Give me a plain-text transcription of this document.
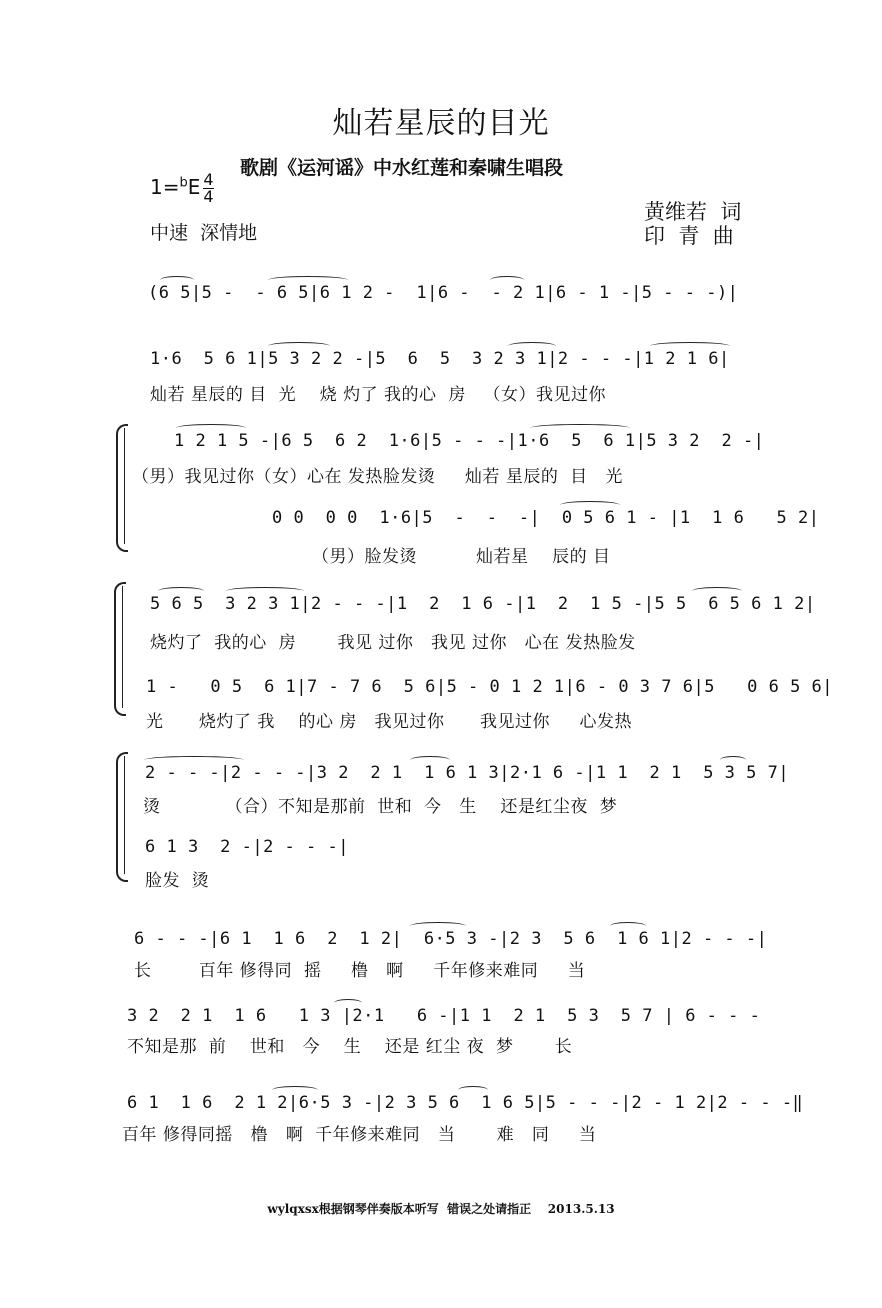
灿若星辰的目光
歌剧《运河谣》中水红莲和秦啸生唱段
$1=^bE \frac{4}{4}$
中速  深情地
黄维若  词
印  青  曲
(6 5|5 -  - 6 5|6 1 2 -  1|6 -  - 2 1|6 - 1 -|5 - - -)|
1·6  5 6 1|5 3 2 2 -|5  6  5  3 2 3 1|2 - - -|1 2 1 6|
灿若 星辰的 目  光    烧 灼了 我的心  房   （女）我见过你
1 2 1 5 -|6 5  6 2  1·6|5 - - -|1·6  5  6 1|5 3 2  2 -|
（男）我见过你（女）心在 发热脸发烫     灿若 星辰的  目   光
0 0  0 0  1·6|5  -  -  -|  0 5 6 1 - |1  1 6   5 2|
（男）脸发烫          灿若星    辰的 目
5 6 5  3 2 3 1|2 - - -|1  2  1 6 -|1  2  1 5 -|5 5  6 5 6 1 2|
烧灼了  我的心  房       我见 过你   我见 过你   心在 发热脸发
1 -   0 5  6 1|7 - 7 6  5 6|5 - 0 1 2 1|6 - 0 3 7 6|5   0 6 5 6|
光      烧灼了 我    的心 房   我见过你      我见过你     心发热
2 - - -|2 - - -|3 2  2 1  1 6 1 3|2·1 6 -|1 1  2 1  5 3 5 7|
烫           （合）不知是那前  世和  今   生    还是红尘夜  梦
6 1 3  2 -|2 - - -|
脸发  烫
6 - - -|6 1  1 6  2  1 2|  6·5 3 -|2 3  5 6  1 6 1|2 - - -|
长        百年 修得同  摇     橹   啊     千年修来难同     当
3 2  2 1  1 6   1 3 |2·1   6 -|1 1  2 1  5 3  5 7 | 6 - - -
不知是那  前    世和   今    生    还是 红尘 夜  梦       长
6 1  1 6  2 1 2|6·5 3 -|2 3 5 6  1 6 5|5 - - -|2 - 1 2|2 - - -‖
百年 修得同摇   橹   啊  千年修来难同   当       难   同     当
wylqxsx根据钢琴伴奏版本听写  错误之处请指正    2013.5.13
